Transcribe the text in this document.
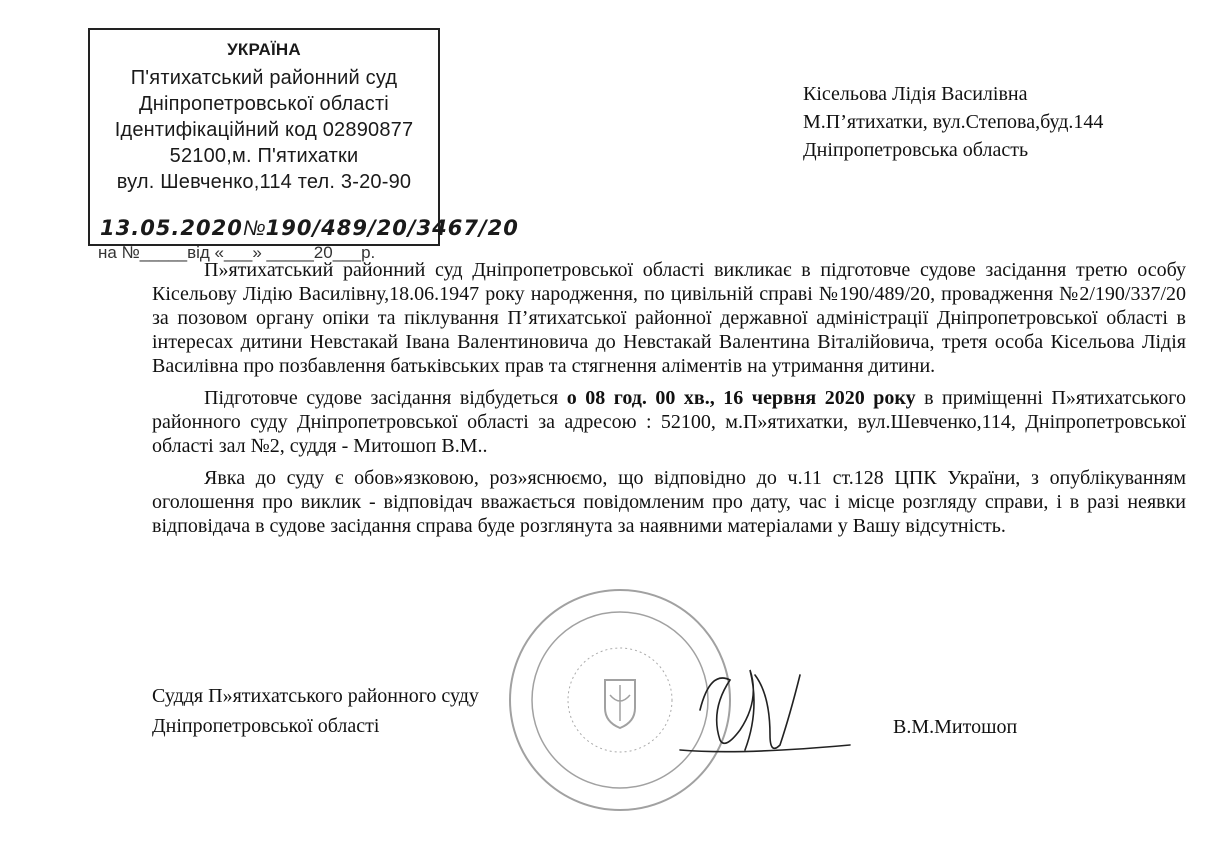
УКРАЇНА
П'ятихатський районний суд
Дніпропетровської області
Ідентифікаційний код 02890877
52100,м. П'ятихатки
вул. Шевченко,114 тел. 3-20-90
13.05.2020№190/489/20/3467/20
на №_____від «___» _____20___р.
Кісельова Лідія Василівна
М.П’ятихатки, вул.Степова,буд.144
Дніпропетровська область

П»ятихатський районний суд Дніпропетровської області викликає в підготовче судове засідання третю особу Кісельову Лідію Василівну,18.06.1947 року народження, по цивільній справі №190/489/20, провадження №2/190/337/20 за позовом органу опіки та піклування П’ятихатської районної державної адміністрації Дніпропетровської області в інтересах дитини Невстакай Івана Валентиновича до Невстакай Валентина Віталійовича, третя особа Кісельова Лідія Василівна про позбавлення батьківських прав та стягнення аліментів на утримання дитини.

Підготовче судове засідання відбудеться о 08 год. 00 хв., 16 червня 2020 року в приміщенні П»ятихатського районного суду Дніпропетровської області за адресою : 52100, м.П»ятихатки, вул.Шевченко,114, Дніпропетровської області зал №2, суддя - Митошоп В.М..

Явка до суду є обов»язковою, роз»яснюємо, що відповідно до ч.11 ст.128 ЦПК України, з опублікуванням оголошення про виклик - відповідач вважається повідомленим про дату, час і місце розгляду справи, і в разі неявки відповідача в судове засідання справа буде розглянута за наявними матеріалами у Вашу відсутність.

Суддя П»ятихатського районного суду
Дніпропетровської області	В.М.Митошоп
